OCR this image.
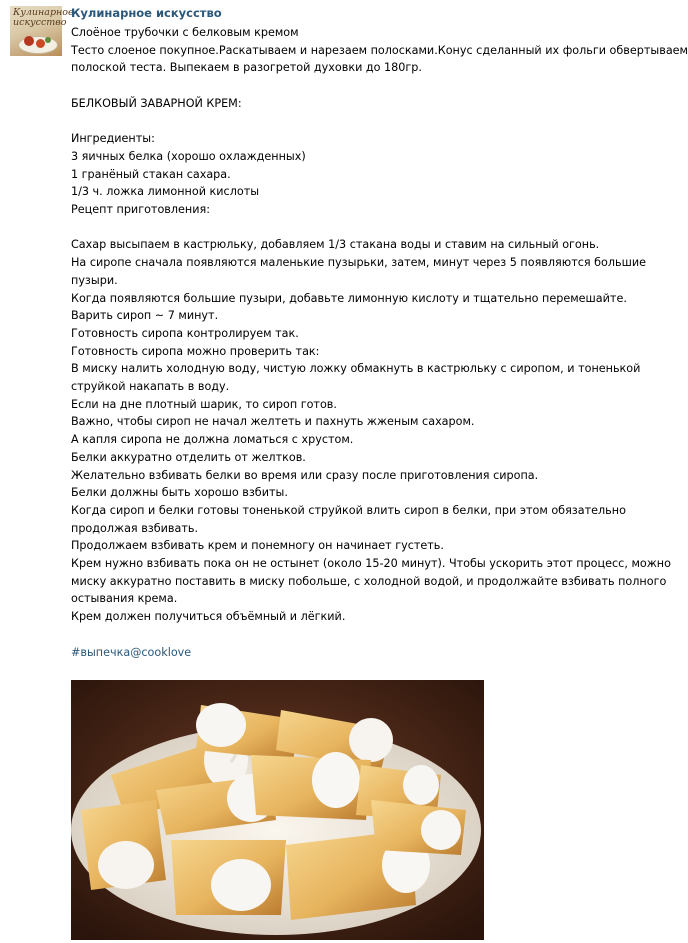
Кулинарное
искусство
Кулинарное искусство

Слоёное трубочки с белковым кремом

Тесто слоеное покупное.Раскатываем и нарезаем полосками.Конус сделанный их фольги обвертываем

полоской теста. Выпекаем в разогретой духовки до 180гр.

БЕЛКОВЫЙ ЗАВАРНОЙ КРЕМ:

Ингредиенты:

3 яичных белка (хорошо охлажденных)

1 гранёный стакан сахара.

1/3 ч. ложка лимонной кислоты

Рецепт приготовления:

Сахар высыпаем в кастрюльку, добавляем 1/3 стакана воды и ставим на сильный огонь.

На сиропе сначала появляются маленькие пузырьки, затем, минут через 5 появляются большие

пузыри.

Когда появляются большие пузыри, добавьте лимонную кислоту и тщательно перемешайте.

Варить сироп ~ 7 минут.

Готовность сиропа контролируем так.

Готовность сиропа можно проверить так:

В миску налить холодную воду, чистую ложку обмакнуть в кастрюльку с сиропом, и тоненькой

струйкой накапать в воду.

Если на дне плотный шарик, то сироп готов.

Важно, чтобы сироп не начал желтеть и пахнуть жженым сахаром.

А капля сиропа не должна ломаться с хрустом.

Белки аккуратно отделить от желтков.

Желательно взбивать белки во время или сразу после приготовления сиропа.

Белки должны быть хорошо взбиты.

Когда сироп и белки готовы тоненькой струйкой влить сироп в белки, при этом обязательно

продолжая взбивать.

Продолжаем взбивать крем и понемногу он начинает густеть.

Крем нужно взбивать пока он не остынет (около 15-20 минут). Чтобы ускорить этот процесс, можно

миску аккуратно поставить в миску побольше, с холодной водой, и продолжайте взбивать полного

остывания крема.

Крем должен получиться объёмный и лёгкий.

#выпечка@cooklove
